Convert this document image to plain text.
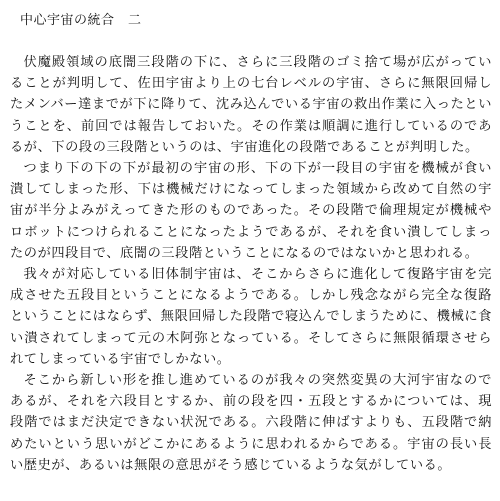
中心宇宙の統合　二

伏魔殿領域の底闇三段階の下に、さらに三段階のゴミ捨て場が広がっていることが判明して、佐田宇宙より上の七台レベルの宇宙、さらに無限回帰したメンバー達までが下に降りて、沈み込んでいる宇宙の救出作業に入ったということを、前回では報告しておいた。その作業は順調に進行しているのであるが、下の段の三段階というのは、宇宙進化の段階であることが判明した。

つまり下の下の下が最初の宇宙の形、下の下が一段目の宇宙を機械が食い潰してしまった形、下は機械だけになってしまった領域から改めて自然の宇宙が半分よみがえってきた形のものであった。その段階で倫理規定が機械やロボットにつけられることになったようであるが、それを食い潰してしまったのが四段目で、底闇の三段階ということになるのではないかと思われる。

我々が対応している旧体制宇宙は、そこからさらに進化して復路宇宙を完成させた五段目ということになるようである。しかし残念ながら完全な復路ということにはならず、無限回帰した段階で寝込んでしまうために、機械に食い潰されてしまって元の木阿弥となっている。そしてさらに無限循環させられてしまっている宇宙でしかない。

そこから新しい形を推し進めているのが我々の突然変異の大河宇宙なのであるが、それを六段目とするか、前の段を四・五段とするかについては、現段階ではまだ決定できない状況である。六段階に伸ばすよりも、五段階で納めたいという思いがどこかにあるように思われるからである。宇宙の長い長い歴史が、あるいは無限の意思がそう感じているような気がしている。
